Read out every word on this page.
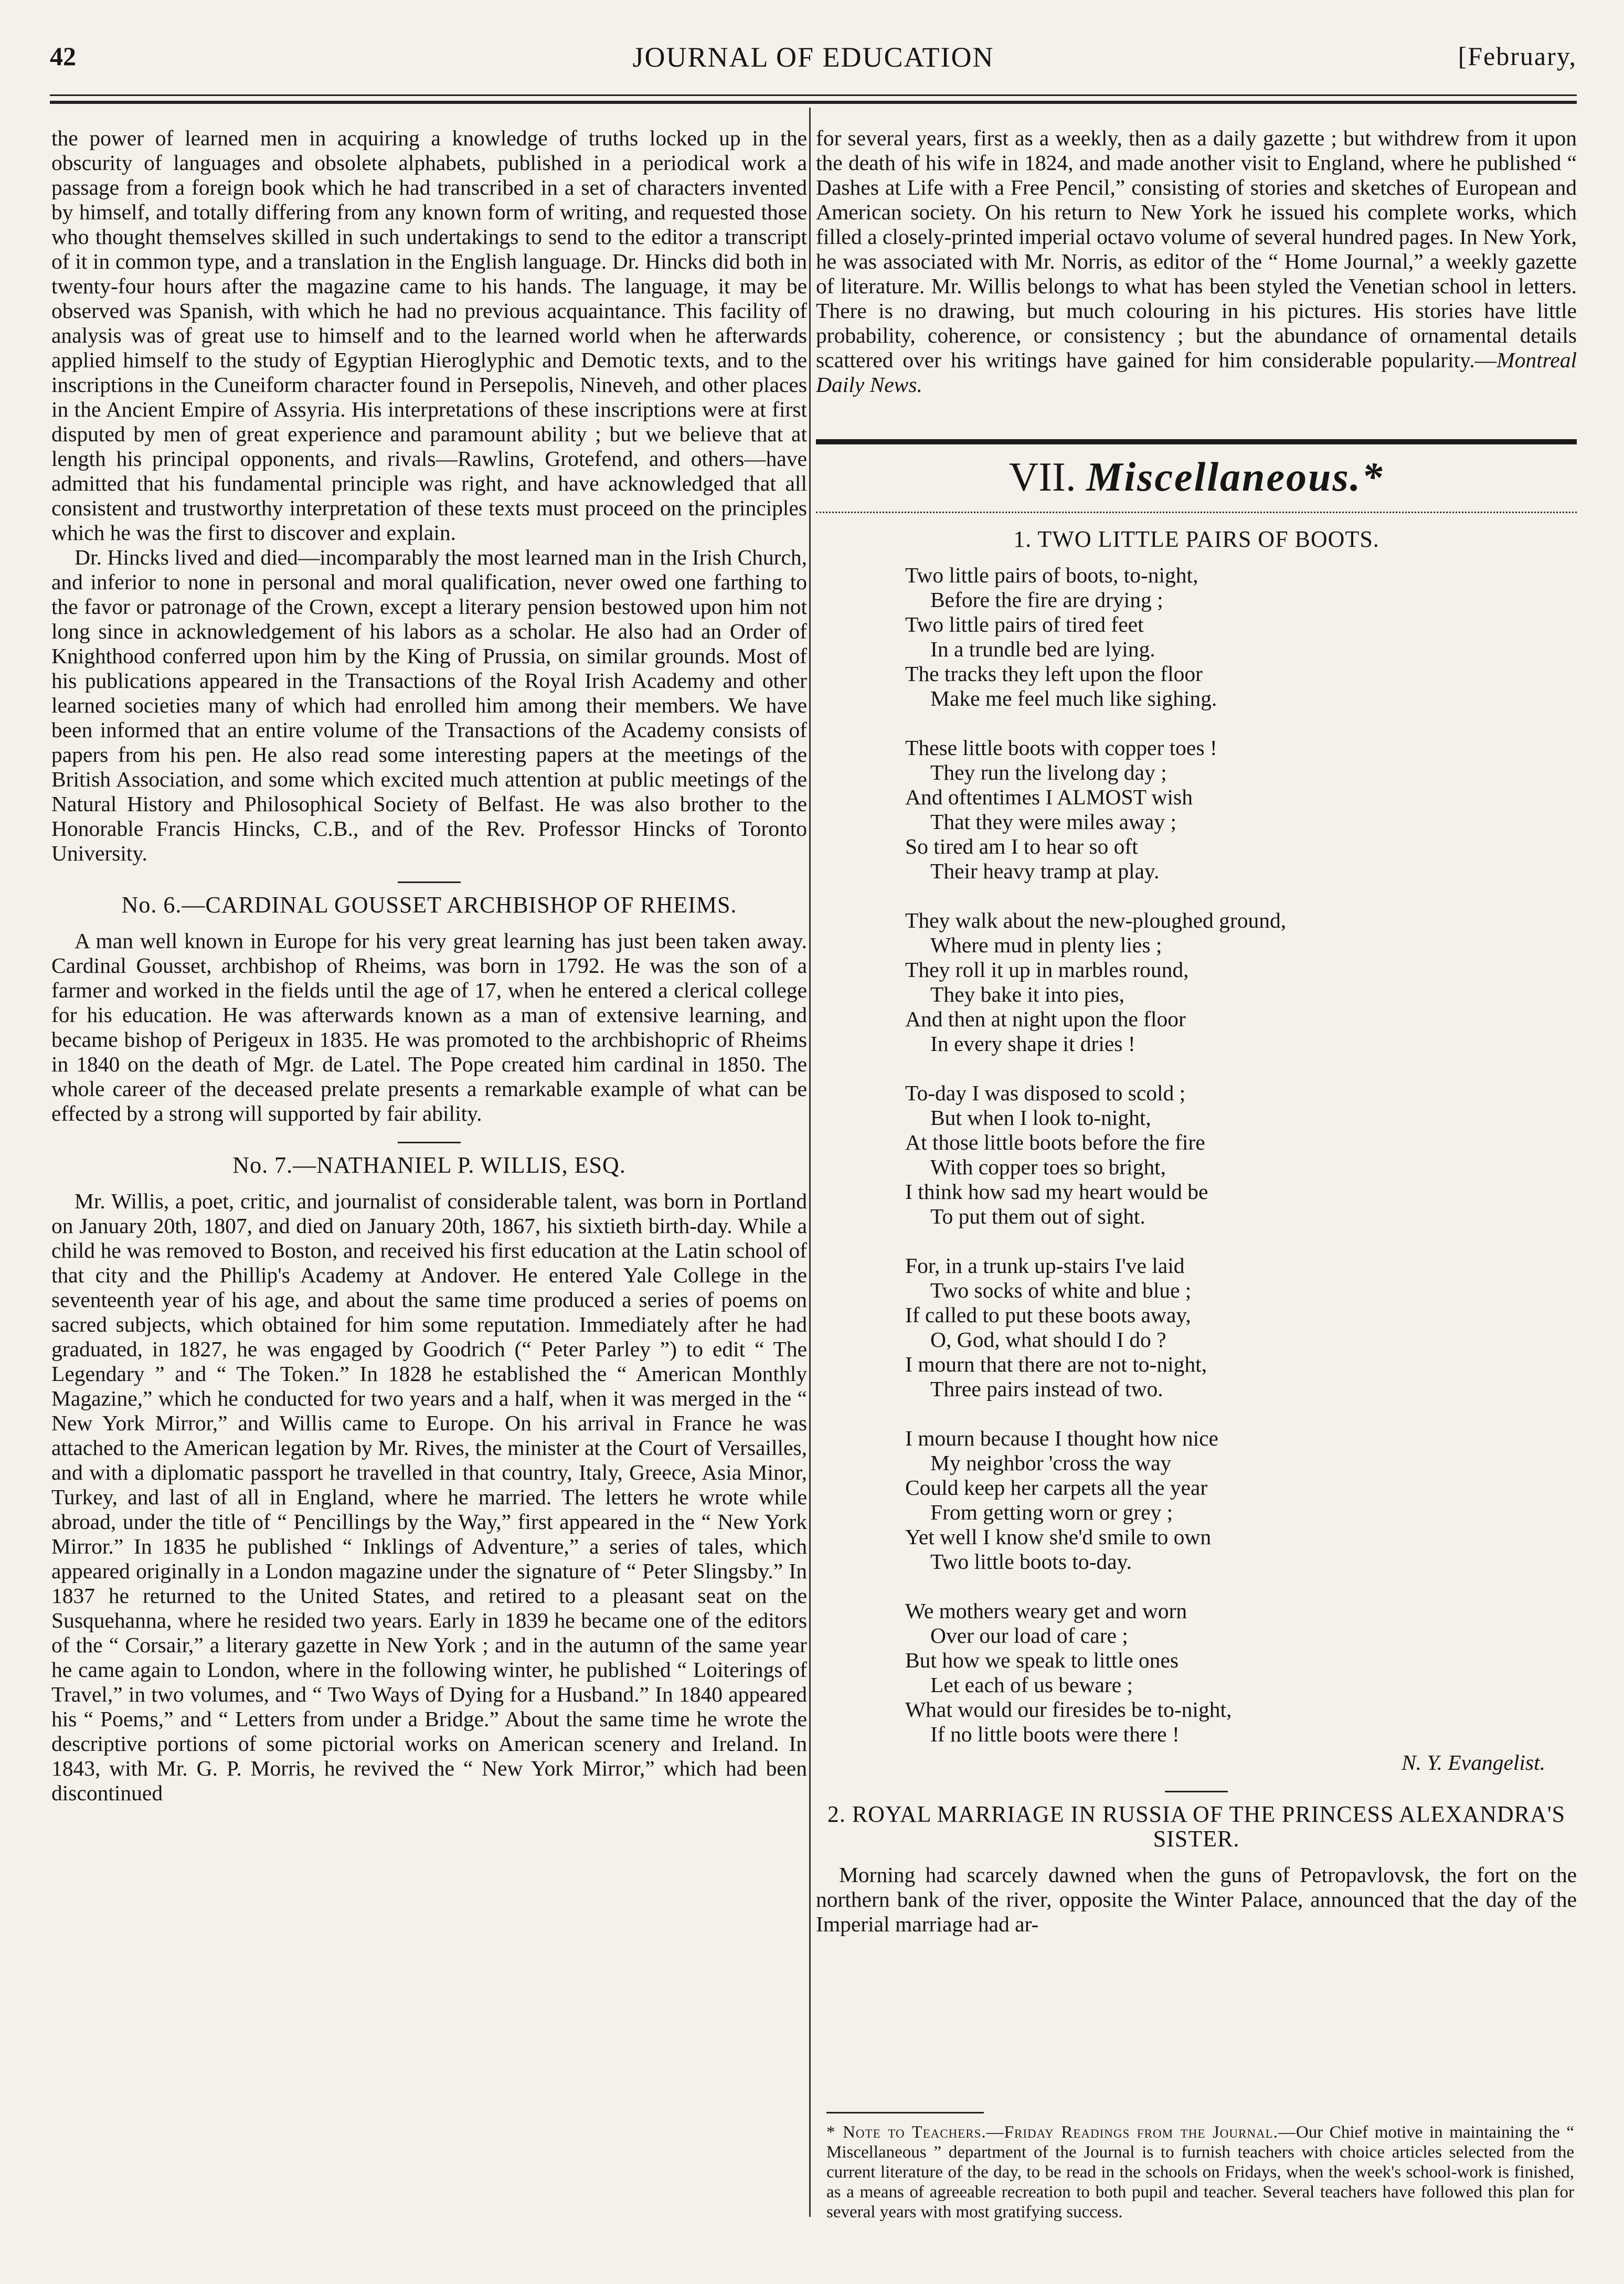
42	JOURNAL OF EDUCATION	[February,

the power of learned men in acquiring a knowledge of truths locked up in the obscurity of languages and obsolete alphabets, published in a periodical work a passage from a foreign book which he had transcribed in a set of characters invented by himself, and totally differing from any known form of writing, and requested those who thought themselves skilled in such undertakings to send to the editor a transcript of it in common type, and a translation in the English language. Dr. Hincks did both in twenty-four hours after the magazine came to his hands. The language, it may be observed was Spanish, with which he had no previous acquaintance. This facility of analysis was of great use to himself and to the learned world when he afterwards applied himself to the study of Egyptian Hieroglyphic and Demotic texts, and to the inscriptions in the Cuneiform character found in Persepolis, Nineveh, and other places in the Ancient Empire of Assyria. His interpretations of these inscriptions were at first disputed by men of great experience and paramount ability ; but we believe that at length his principal opponents, and rivals—Rawlins, Grotefend, and others—have admitted that his fundamental principle was right, and have acknowledged that all consistent and trustworthy interpretation of these texts must proceed on the principles which he was the first to discover and explain.

Dr. Hincks lived and died—incomparably the most learned man in the Irish Church, and inferior to none in personal and moral qualification, never owed one farthing to the favor or patronage of the Crown, except a literary pension bestowed upon him not long since in acknowledgement of his labors as a scholar. He also had an Order of Knighthood conferred upon him by the King of Prussia, on similar grounds. Most of his publications appeared in the Transactions of the Royal Irish Academy and other learned societies many of which had enrolled him among their members. We have been informed that an entire volume of the Transactions of the Academy consists of papers from his pen. He also read some interesting papers at the meetings of the British Association, and some which excited much attention at public meetings of the Natural History and Philosophical Society of Belfast. He was also brother to the Honorable Francis Hincks, C.B., and of the Rev. Professor Hincks of Toronto University.

No. 6.—CARDINAL GOUSSET ARCHBISHOP OF RHEIMS.

A man well known in Europe for his very great learning has just been taken away. Cardinal Gousset, archbishop of Rheims, was born in 1792. He was the son of a farmer and worked in the fields until the age of 17, when he entered a clerical college for his education. He was afterwards known as a man of extensive learning, and became bishop of Perigeux in 1835. He was promoted to the archbishopric of Rheims in 1840 on the death of Mgr. de Latel. The Pope created him cardinal in 1850. The whole career of the deceased prelate presents a remarkable example of what can be effected by a strong will supported by fair ability.

No. 7.—NATHANIEL P. WILLIS, ESQ.

Mr. Willis, a poet, critic, and journalist of considerable talent, was born in Portland on January 20th, 1807, and died on January 20th, 1867, his sixtieth birth-day. While a child he was removed to Boston, and received his first education at the Latin school of that city and the Phillip's Academy at Andover. He entered Yale College in the seventeenth year of his age, and about the same time produced a series of poems on sacred subjects, which obtained for him some reputation. Immediately after he had graduated, in 1827, he was engaged by Goodrich (“ Peter Parley ”) to edit “ The Legendary ” and “ The Token.” In 1828 he established the “ American Monthly Magazine,” which he conducted for two years and a half, when it was merged in the “ New York Mirror,” and Willis came to Europe. On his arrival in France he was attached to the American legation by Mr. Rives, the minister at the Court of Versailles, and with a diplomatic passport he travelled in that country, Italy, Greece, Asia Minor, Turkey, and last of all in England, where he married. The letters he wrote while abroad, under the title of “ Pencillings by the Way,” first appeared in the “ New York Mirror.” In 1835 he published “ Inklings of Adventure,” a series of tales, which appeared originally in a London magazine under the signature of “ Peter Slingsby.” In 1837 he returned to the United States, and retired to a pleasant seat on the Susquehanna, where he resided two years. Early in 1839 he became one of the editors of the “ Corsair,” a literary gazette in New York ; and in the autumn of the same year he came again to London, where in the following winter, he published “ Loiterings of Travel,” in two volumes, and “ Two Ways of Dying for a Husband.” In 1840 appeared his “ Poems,” and “ Letters from under a Bridge.” About the same time he wrote the descriptive portions of some pictorial works on American scenery and Ireland. In 1843, with Mr. G. P. Morris, he revived the “ New York Mirror,” which had been discontinued

for several years, first as a weekly, then as a daily gazette ; but withdrew from it upon the death of his wife in 1824, and made another visit to England, where he published “ Dashes at Life with a Free Pencil,” consisting of stories and sketches of European and American society. On his return to New York he issued his complete works, which filled a closely-printed imperial octavo volume of several hundred pages. In New York, he was associated with Mr. Norris, as editor of the “ Home Journal,” a weekly gazette of literature. Mr. Willis belongs to what has been styled the Venetian school in letters. There is no drawing, but much colouring in his pictures. His stories have little probability, coherence, or consistency ; but the abundance of ornamental details scattered over his writings have gained for him considerable popularity.—Montreal Daily News.

VII. Miscellaneous.*
1. TWO LITTLE PAIRS OF BOOTS.
Two little pairs of boots, to-night,
Before the fire are drying ;
Two little pairs of tired feet
In a trundle bed are lying.
The tracks they left upon the floor
Make me feel much like sighing.
These little boots with copper toes !
They run the livelong day ;
And oftentimes I ALMOST wish
That they were miles away ;
So tired am I to hear so oft
Their heavy tramp at play.
They walk about the new-ploughed ground,
Where mud in plenty lies ;
They roll it up in marbles round,
They bake it into pies,
And then at night upon the floor
In every shape it dries !
To-day I was disposed to scold ;
But when I look to-night,
At those little boots before the fire
With copper toes so bright,
I think how sad my heart would be
To put them out of sight.
For, in a trunk up-stairs I've laid
Two socks of white and blue ;
If called to put these boots away,
O, God, what should I do ?
I mourn that there are not to-night,
Three pairs instead of two.
I mourn because I thought how nice
My neighbor 'cross the way
Could keep her carpets all the year
From getting worn or grey ;
Yet well I know she'd smile to own
Two little boots to-day.
We mothers weary get and worn
Over our load of care ;
But how we speak to little ones
Let each of us beware ;
What would our firesides be to-night,
If no little boots were there !
N. Y. Evangelist.
2. ROYAL MARRIAGE IN RUSSIA OF THE PRINCESS ALEXANDRA'S SISTER.

Morning had scarcely dawned when the guns of Petropavlovsk, the fort on the northern bank of the river, opposite the Winter Palace, announced that the day of the Imperial marriage had ar-

* Note to Teachers.—Friday Readings from the Journal.—Our Chief motive in maintaining the “ Miscellaneous ” department of the Journal is to furnish teachers with choice articles selected from the current literature of the day, to be read in the schools on Fridays, when the week's school-work is finished, as a means of agreeable recreation to both pupil and teacher. Several teachers have followed this plan for several years with most gratifying success.
